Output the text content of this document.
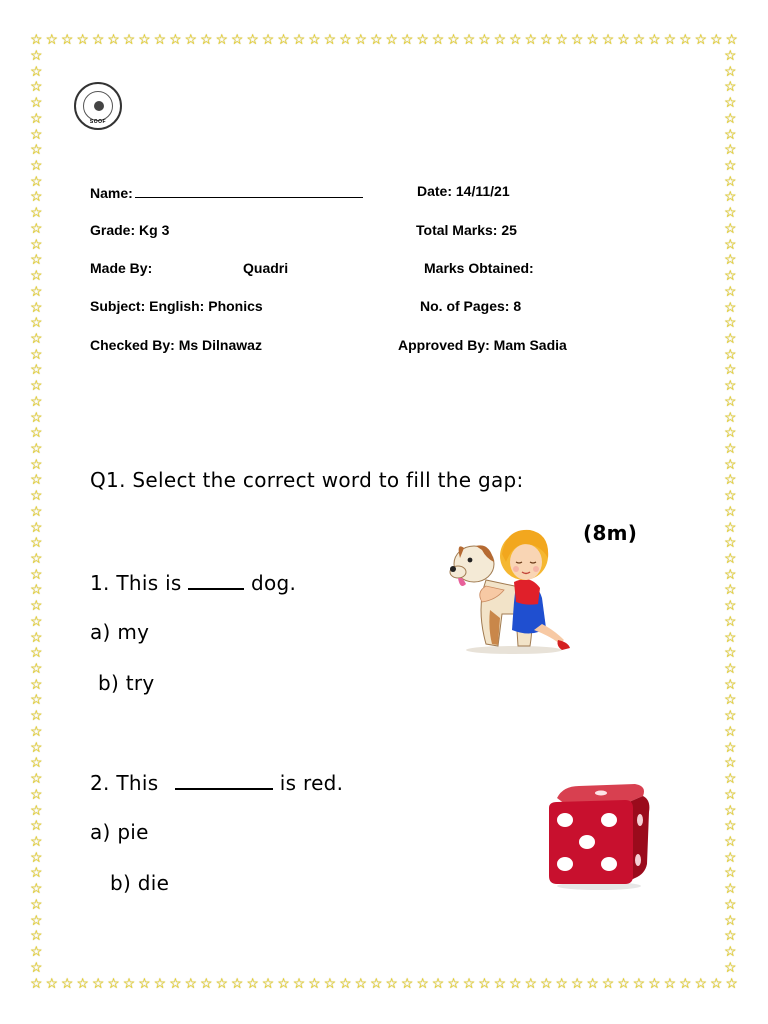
☆ ☆ ☆ ☆ ☆ ☆ ☆ ☆ ☆ ☆ ☆ ☆ ☆ ☆ ☆ ☆ ☆ ☆ ☆ ☆ ☆ ☆ ☆ ☆ ☆ ☆ ☆ ☆ ☆ ☆ ☆ ☆ ☆ ☆ ☆ ☆ ☆ ☆ ☆ ☆ ☆ ☆ ☆ ☆ ☆ ☆
☆ ☆ ☆ ☆ ☆ ☆ ☆ ☆ ☆ ☆ ☆ ☆ ☆ ☆ ☆ ☆ ☆ ☆ ☆ ☆ ☆ ☆ ☆ ☆ ☆ ☆ ☆ ☆ ☆ ☆ ☆ ☆ ☆ ☆ ☆ ☆ ☆ ☆ ☆ ☆ ☆ ☆ ☆ ☆ ☆ ☆
☆
☆
☆
☆
☆
☆
☆
☆
☆
☆
☆
☆
☆
☆
☆
☆
☆
☆
☆
☆
☆
☆
☆
☆
☆
☆
☆
☆
☆
☆
☆
☆
☆
☆
☆
☆
☆
☆
☆
☆
☆
☆
☆
☆
☆
☆
☆
☆
☆
☆
☆
☆
☆
☆
☆
☆
☆
☆
☆
☆
☆
☆
☆
☆
☆
☆
☆
☆
☆
☆
☆
☆
☆
☆
☆
☆
☆
☆
☆
☆
☆
☆
☆
☆
☆
☆
☆
☆
☆
☆
☆
☆
☆
☆
☆
☆
☆
☆
☆
☆
☆
☆
☆
☆
☆
☆
☆
☆
☆
☆
☆
☆
☆
☆
☆
☆
☆
☆
SOOF
Name:	Date: 14/11/21
Grade: Kg 3	Total Marks: 25
Made By:	Quadri	Marks Obtained:
Subject: English: Phonics	No. of Pages: 8
Checked By: Ms Dilnawaz	Approved By: Mam Sadia
Q1. Select the correct word to fill the gap:
(8m)
1. This is	dog.
a) my
b) try
2. This	is red.
a) pie
b) die
